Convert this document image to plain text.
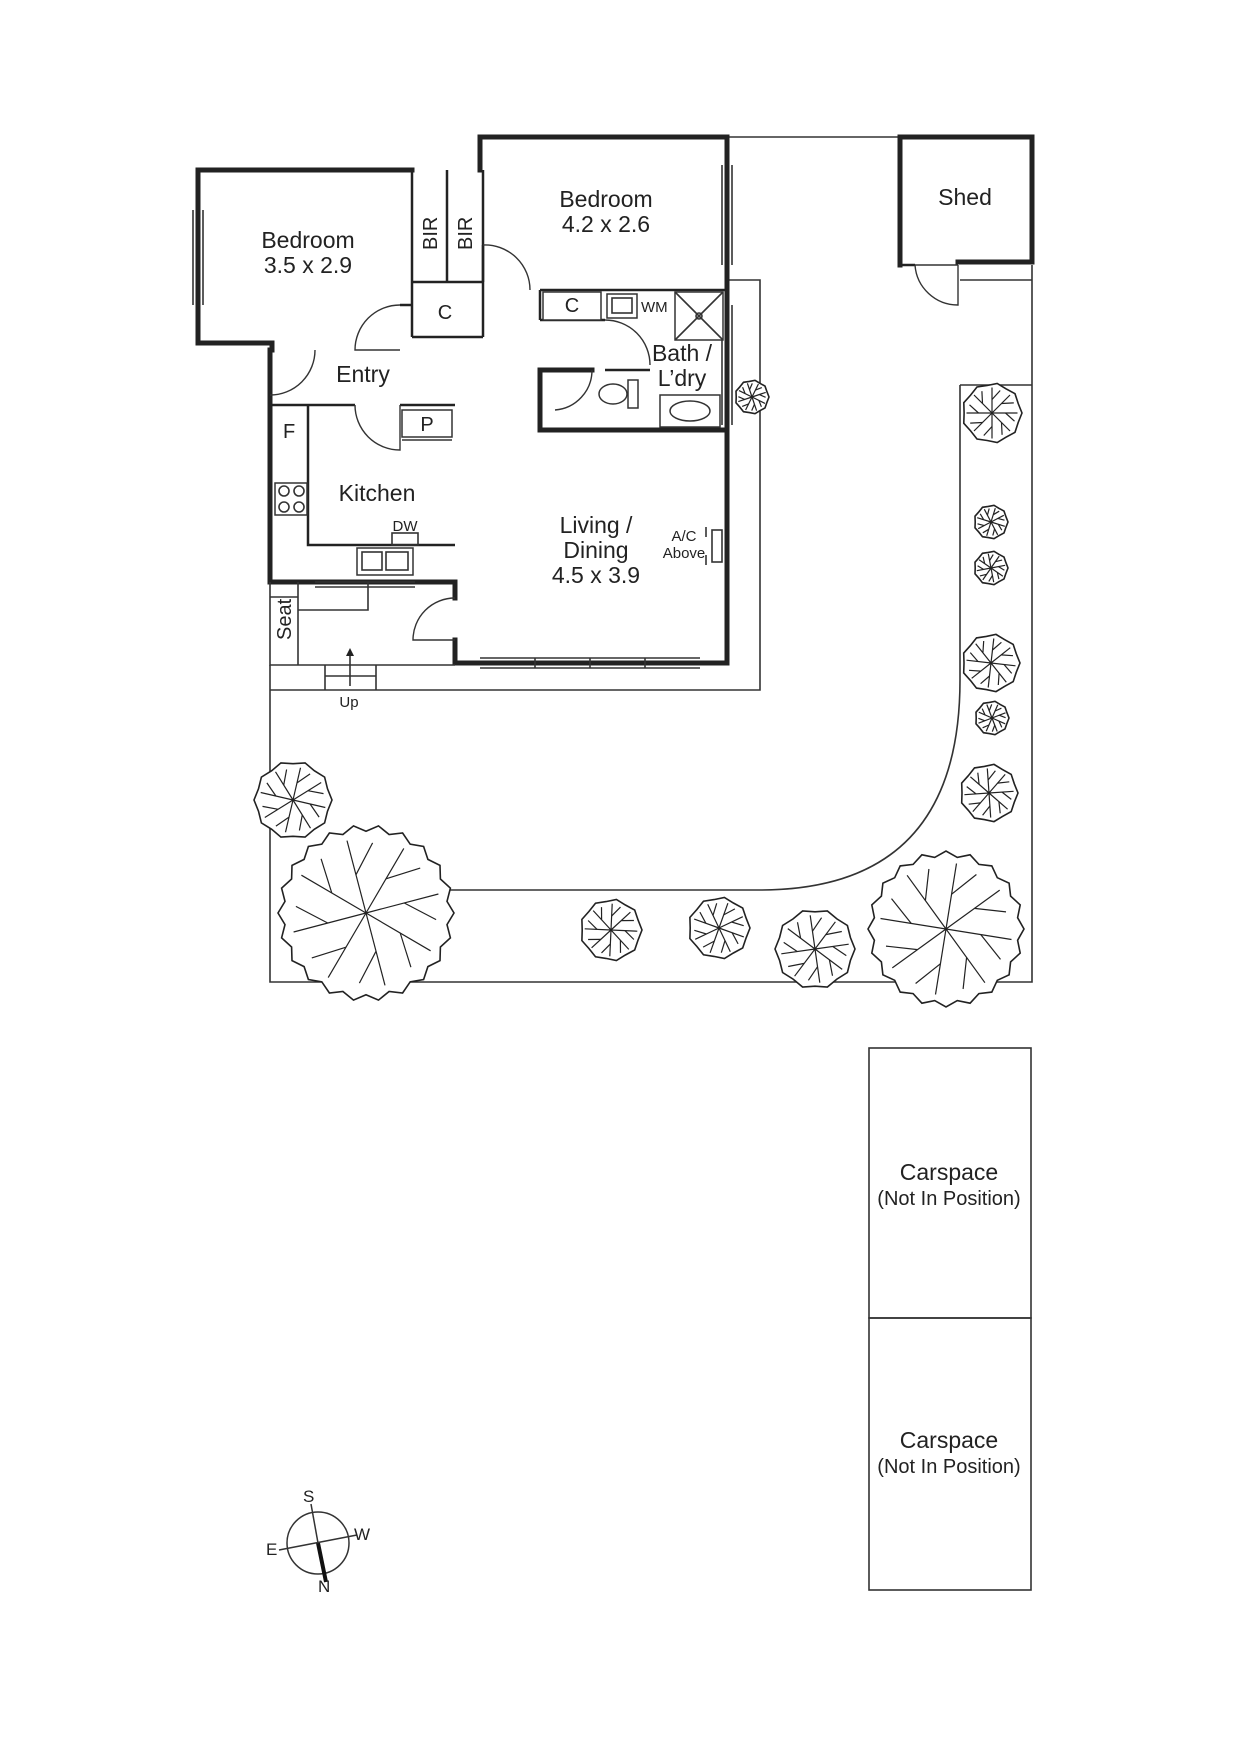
S
W
E
N
Bedroom
3.5 x 2.9
Bedroom
4.2 x 2.6
Shed
Entry
Kitchen
Bath /
L’dry
Living /
Dining
4.5 x 3.9
BIR BIR
C	C	WM
P
F
DW
A/C
Above
Seat
Up
Carspace
(Not In Position)
Carspace
(Not In Position)
